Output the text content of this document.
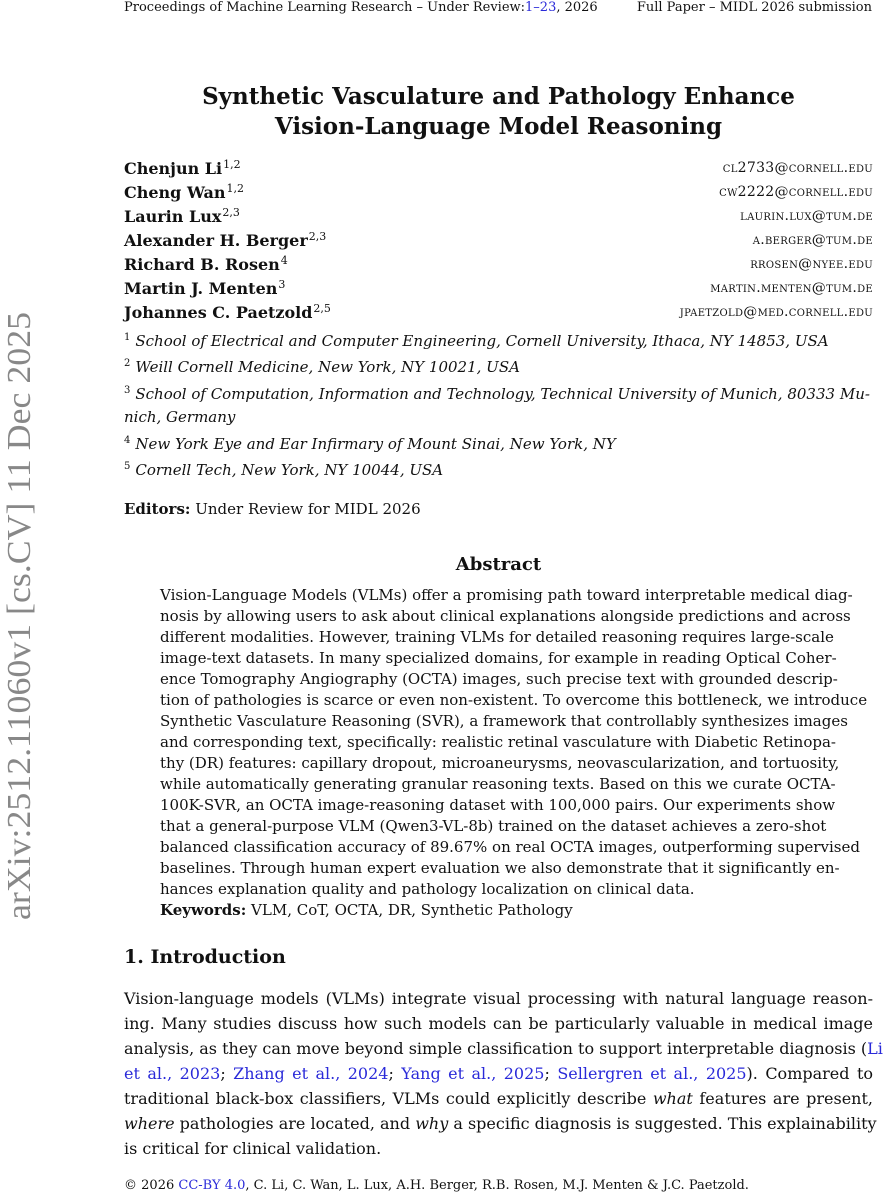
Proceedings of Machine Learning Research – Under Review:1–23, 2026	Full Paper – MIDL 2026 submission
arXiv:2512.11060v1 [cs.CV] 11 Dec 2025
Synthetic Vasculature and Pathology Enhance
Vision-Language Model Reasoning
Chenjun Li$^{1,2}$	cl2733@cornell.edu
Cheng Wan$^{1,2}$	cw2222@cornell.edu
Laurin Lux$^{2,3}$	laurin.lux@tum.de
Alexander H. Berger$^{2,3}$	a.berger@tum.de
Richard B. Rosen$^4$	rrosen@nyee.edu
Martin J. Menten$^3$	martin.menten@tum.de
Johannes C. Paetzold$^{2,5}$	jpaetzold@med.cornell.edu
$^1$ School of Electrical and Computer Engineering, Cornell University, Ithaca, NY 14853, USA
$^2$ Weill Cornell Medicine, New York, NY 10021, USA
$^3$ School of Computation, Information and Technology, Technical University of Munich, 80333 Mu-
nich, Germany
$^4$ New York Eye and Ear Infirmary of Mount Sinai, New York, NY
$^5$ Cornell Tech, New York, NY 10044, USA
Editors: Under Review for MIDL 2026
Abstract
Vision-Language Models (VLMs) offer a promising path toward interpretable medical diag-
nosis by allowing users to ask about clinical explanations alongside predictions and across
different modalities. However, training VLMs for detailed reasoning requires large-scale
image-text datasets. In many specialized domains, for example in reading Optical Coher-
ence Tomography Angiography (OCTA) images, such precise text with grounded descrip-
tion of pathologies is scarce or even non-existent. To overcome this bottleneck, we introduce
Synthetic Vasculature Reasoning (SVR), a framework that controllably synthesizes images
and corresponding text, specifically: realistic retinal vasculature with Diabetic Retinopa-
thy (DR) features: capillary dropout, microaneurysms, neovascularization, and tortuosity,
while automatically generating granular reasoning texts. Based on this we curate OCTA-
100K-SVR, an OCTA image-reasoning dataset with 100,000 pairs. Our experiments show
that a general-purpose VLM (Qwen3-VL-8b) trained on the dataset achieves a zero-shot
balanced classification accuracy of 89.67% on real OCTA images, outperforming supervised
baselines. Through human expert evaluation we also demonstrate that it significantly en-
hances explanation quality and pathology localization on clinical data.
Keywords: VLM, CoT, OCTA, DR, Synthetic Pathology
1. Introduction
Vision-language models (VLMs) integrate visual processing with natural language reason-
ing. Many studies discuss how such models can be particularly valuable in medical image
analysis, as they can move beyond simple classification to support interpretable diagnosis (Li
et al., 2023; Zhang et al., 2024; Yang et al., 2025; Sellergren et al., 2025). Compared to
traditional black-box classifiers, VLMs could explicitly describe what features are present,
where pathologies are located, and why a specific diagnosis is suggested. This explainability
is critical for clinical validation.
© 2026 CC-BY 4.0, C. Li, C. Wan, L. Lux, A.H. Berger, R.B. Rosen, M.J. Menten & J.C. Paetzold.
